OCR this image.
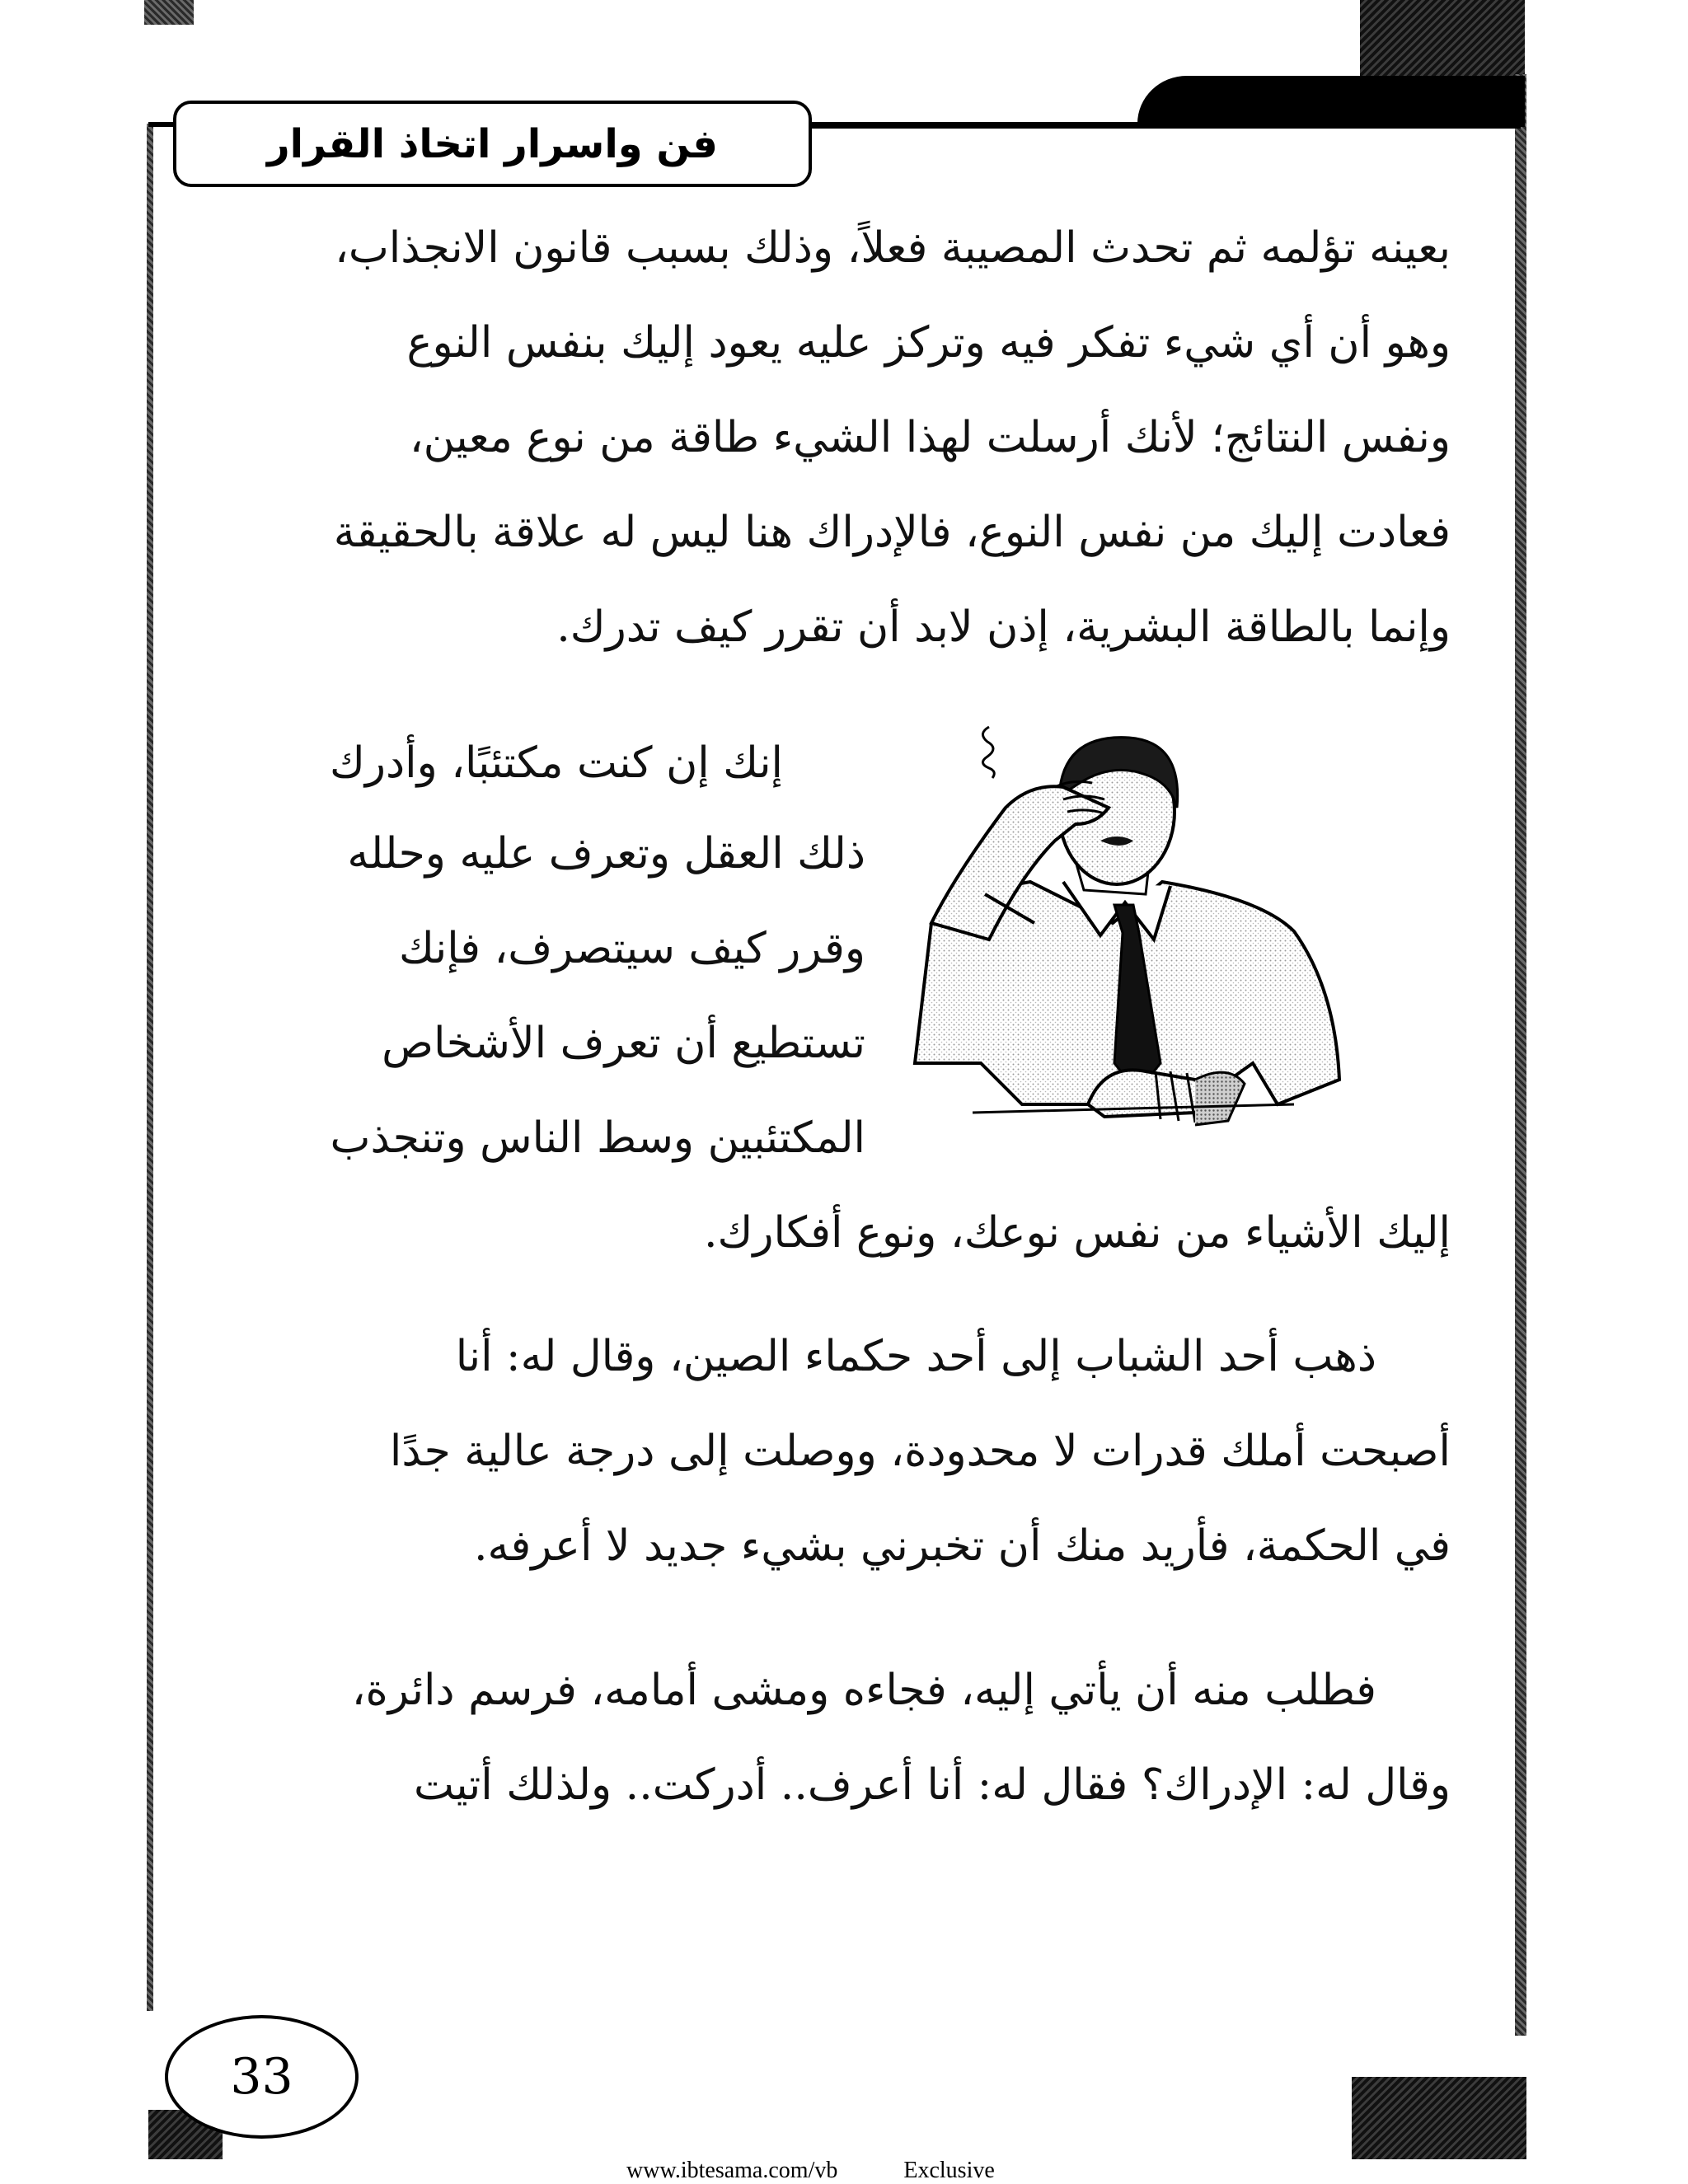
فن واسرار اتخاذ القرار

بعينه تؤلمه ثم تحدث المصيبة فعلاً، وذلك بسبب قانون الانجذاب،

وهو أن أي شيء تفكر فيه وتركز عليه يعود إليك بنفس النوع

ونفس النتائج؛ لأنك أرسلت لهذا الشيء طاقة من نوع معين،

فعادت إليك من نفس النوع، فالإدراك هنا ليس له علاقة بالحقيقة

وإنما بالطاقة البشرية، إذن لابد أن تقرر كيف تدرك.

إنك إن كنت مكتئبًا، وأدرك

ذلك العقل وتعرف عليه وحلله

وقرر كيف سيتصرف، فإنك

تستطيع أن تعرف الأشخاص

المكتئبين وسط الناس وتنجذب

إليك الأشياء من نفس نوعك، ونوع أفكارك.

ذهب أحد الشباب إلى أحد حكماء الصين، وقال له: أنا

أصبحت أملك قدرات لا محدودة، ووصلت إلى درجة عالية جدًا

في الحكمة، فأريد منك أن تخبرني بشيء جديد لا أعرفه.

فطلب منه أن يأتي إليه، فجاءه ومشى أمامه، فرسم دائرة،

وقال له: الإدراك؟ فقال له: أنا أعرف.. أدركت.. ولذلك أتيت

33
www.ibtesama.com/vb	Exclusive
